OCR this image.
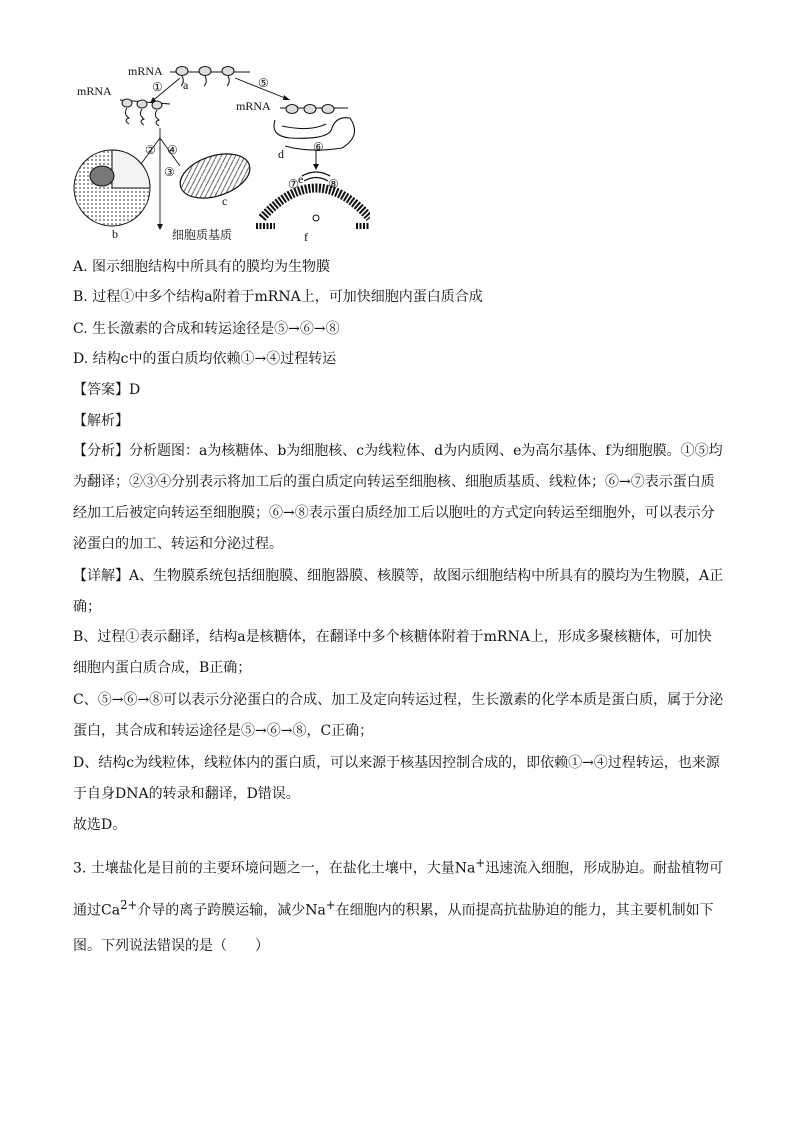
mRNA
a
①	⑤
mRNA
② ④
③
b
c
细胞质基质
mRNA
d ⑥
e
⑦ ⑧
f
A. 图示细胞结构中所具有的膜均为生物膜
B. 过程①中多个结构a附着于mRNA上，可加快细胞内蛋白质合成
C. 生长激素的合成和转运途径是⑤→⑥→⑧
D. 结构c中的蛋白质均依赖①→④过程转运
【答案】D
【解析】
【分析】分析题图：a为核糖体、b为细胞核、c为线粒体、d为内质网、e为高尔基体、f为细胞膜。①⑤均为翻译；②③④分别表示将加工后的蛋白质定向转运至细胞核、细胞质基质、线粒体；⑥→⑦表示蛋白质经加工后被定向转运至细胞膜；⑥→⑧表示蛋白质经加工后以胞吐的方式定向转运至细胞外，可以表示分泌蛋白的加工、转运和分泌过程。
【详解】A、生物膜系统包括细胞膜、细胞器膜、核膜等，故图示细胞结构中所具有的膜均为生物膜，A正确；
B、过程①表示翻译，结构a是核糖体，在翻译中多个核糖体附着于mRNA上，形成多聚核糖体，可加快细胞内蛋白质合成，B正确；
C、⑤→⑥→⑧可以表示分泌蛋白的合成、加工及定向转运过程，生长激素的化学本质是蛋白质，属于分泌蛋白，其合成和转运途径是⑤→⑥→⑧，C正确；
D、结构c为线粒体，线粒体内的蛋白质，可以来源于核基因控制合成的，即依赖①→④过程转运，也来源于自身DNA的转录和翻译，D错误。
故选D。
3. 土壤盐化是目前的主要环境问题之一，在盐化土壤中，大量Na+迅速流入细胞，形成胁迫。耐盐植物可通过$Ca^{2+}$介导的离子跨膜运输，减少Na+在细胞内的积累，从而提高抗盐胁迫的能力，其主要机制如下图。下列说法错误的是（　　）
